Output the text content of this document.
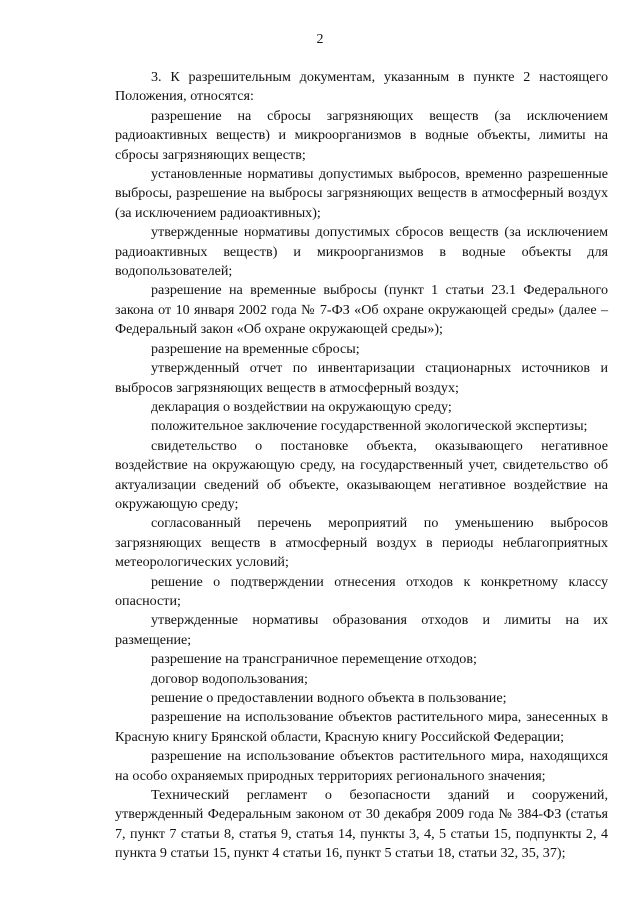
2

3. К разрешительным документам, указанным в пункте 2 настоящего Положения, относятся:

разрешение на сбросы загрязняющих веществ (за исключением радиоактивных веществ) и микроорганизмов в водные объекты, лимиты на сбросы загрязняющих веществ;

установленные нормативы допустимых выбросов, временно разрешенные выбросы, разрешение на выбросы загрязняющих веществ в атмосферный воздух (за исключением радиоактивных);

утвержденные нормативы допустимых сбросов веществ (за исключением радиоактивных веществ) и микроорганизмов в водные объекты для водопользователей;

разрешение на временные выбросы (пункт 1 статьи 23.1 Федерального закона от 10 января 2002 года № 7-ФЗ «Об охране окружающей среды» (далее – Федеральный закон «Об охране окружающей среды»);

разрешение на временные сбросы;

утвержденный отчет по инвентаризации стационарных источников и выбросов загрязняющих веществ в атмосферный воздух;

декларация о воздействии на окружающую среду;

положительное заключение государственной экологической экспертизы;

свидетельство о постановке объекта, оказывающего негативное воздействие на окружающую среду, на государственный учет, свидетельство об актуализации сведений об объекте, оказывающем негативное воздействие на окружающую среду;

согласованный перечень мероприятий по уменьшению выбросов загрязняющих веществ в атмосферный воздух в периоды неблагоприятных метеорологических условий;

решение о подтверждении отнесения отходов к конкретному классу опасности;

утвержденные нормативы образования отходов и лимиты на их размещение;

разрешение на трансграничное перемещение отходов;

договор водопользования;

решение о предоставлении водного объекта в пользование;

разрешение на использование объектов растительного мира, занесенных в Красную книгу Брянской области, Красную книгу Российской Федерации;

разрешение на использование объектов растительного мира, находящихся на особо охраняемых природных территориях регионального значения;

Технический регламент о безопасности зданий и сооружений, утвержденный Федеральным законом от 30 декабря 2009 года № 384-ФЗ (статья 7, пункт 7 статьи 8, статья 9, статья 14, пункты 3, 4, 5 статьи 15, подпункты 2, 4 пункта 9 статьи 15, пункт 4 статьи 16, пункт 5 статьи 18, статьи 32, 35, 37);
